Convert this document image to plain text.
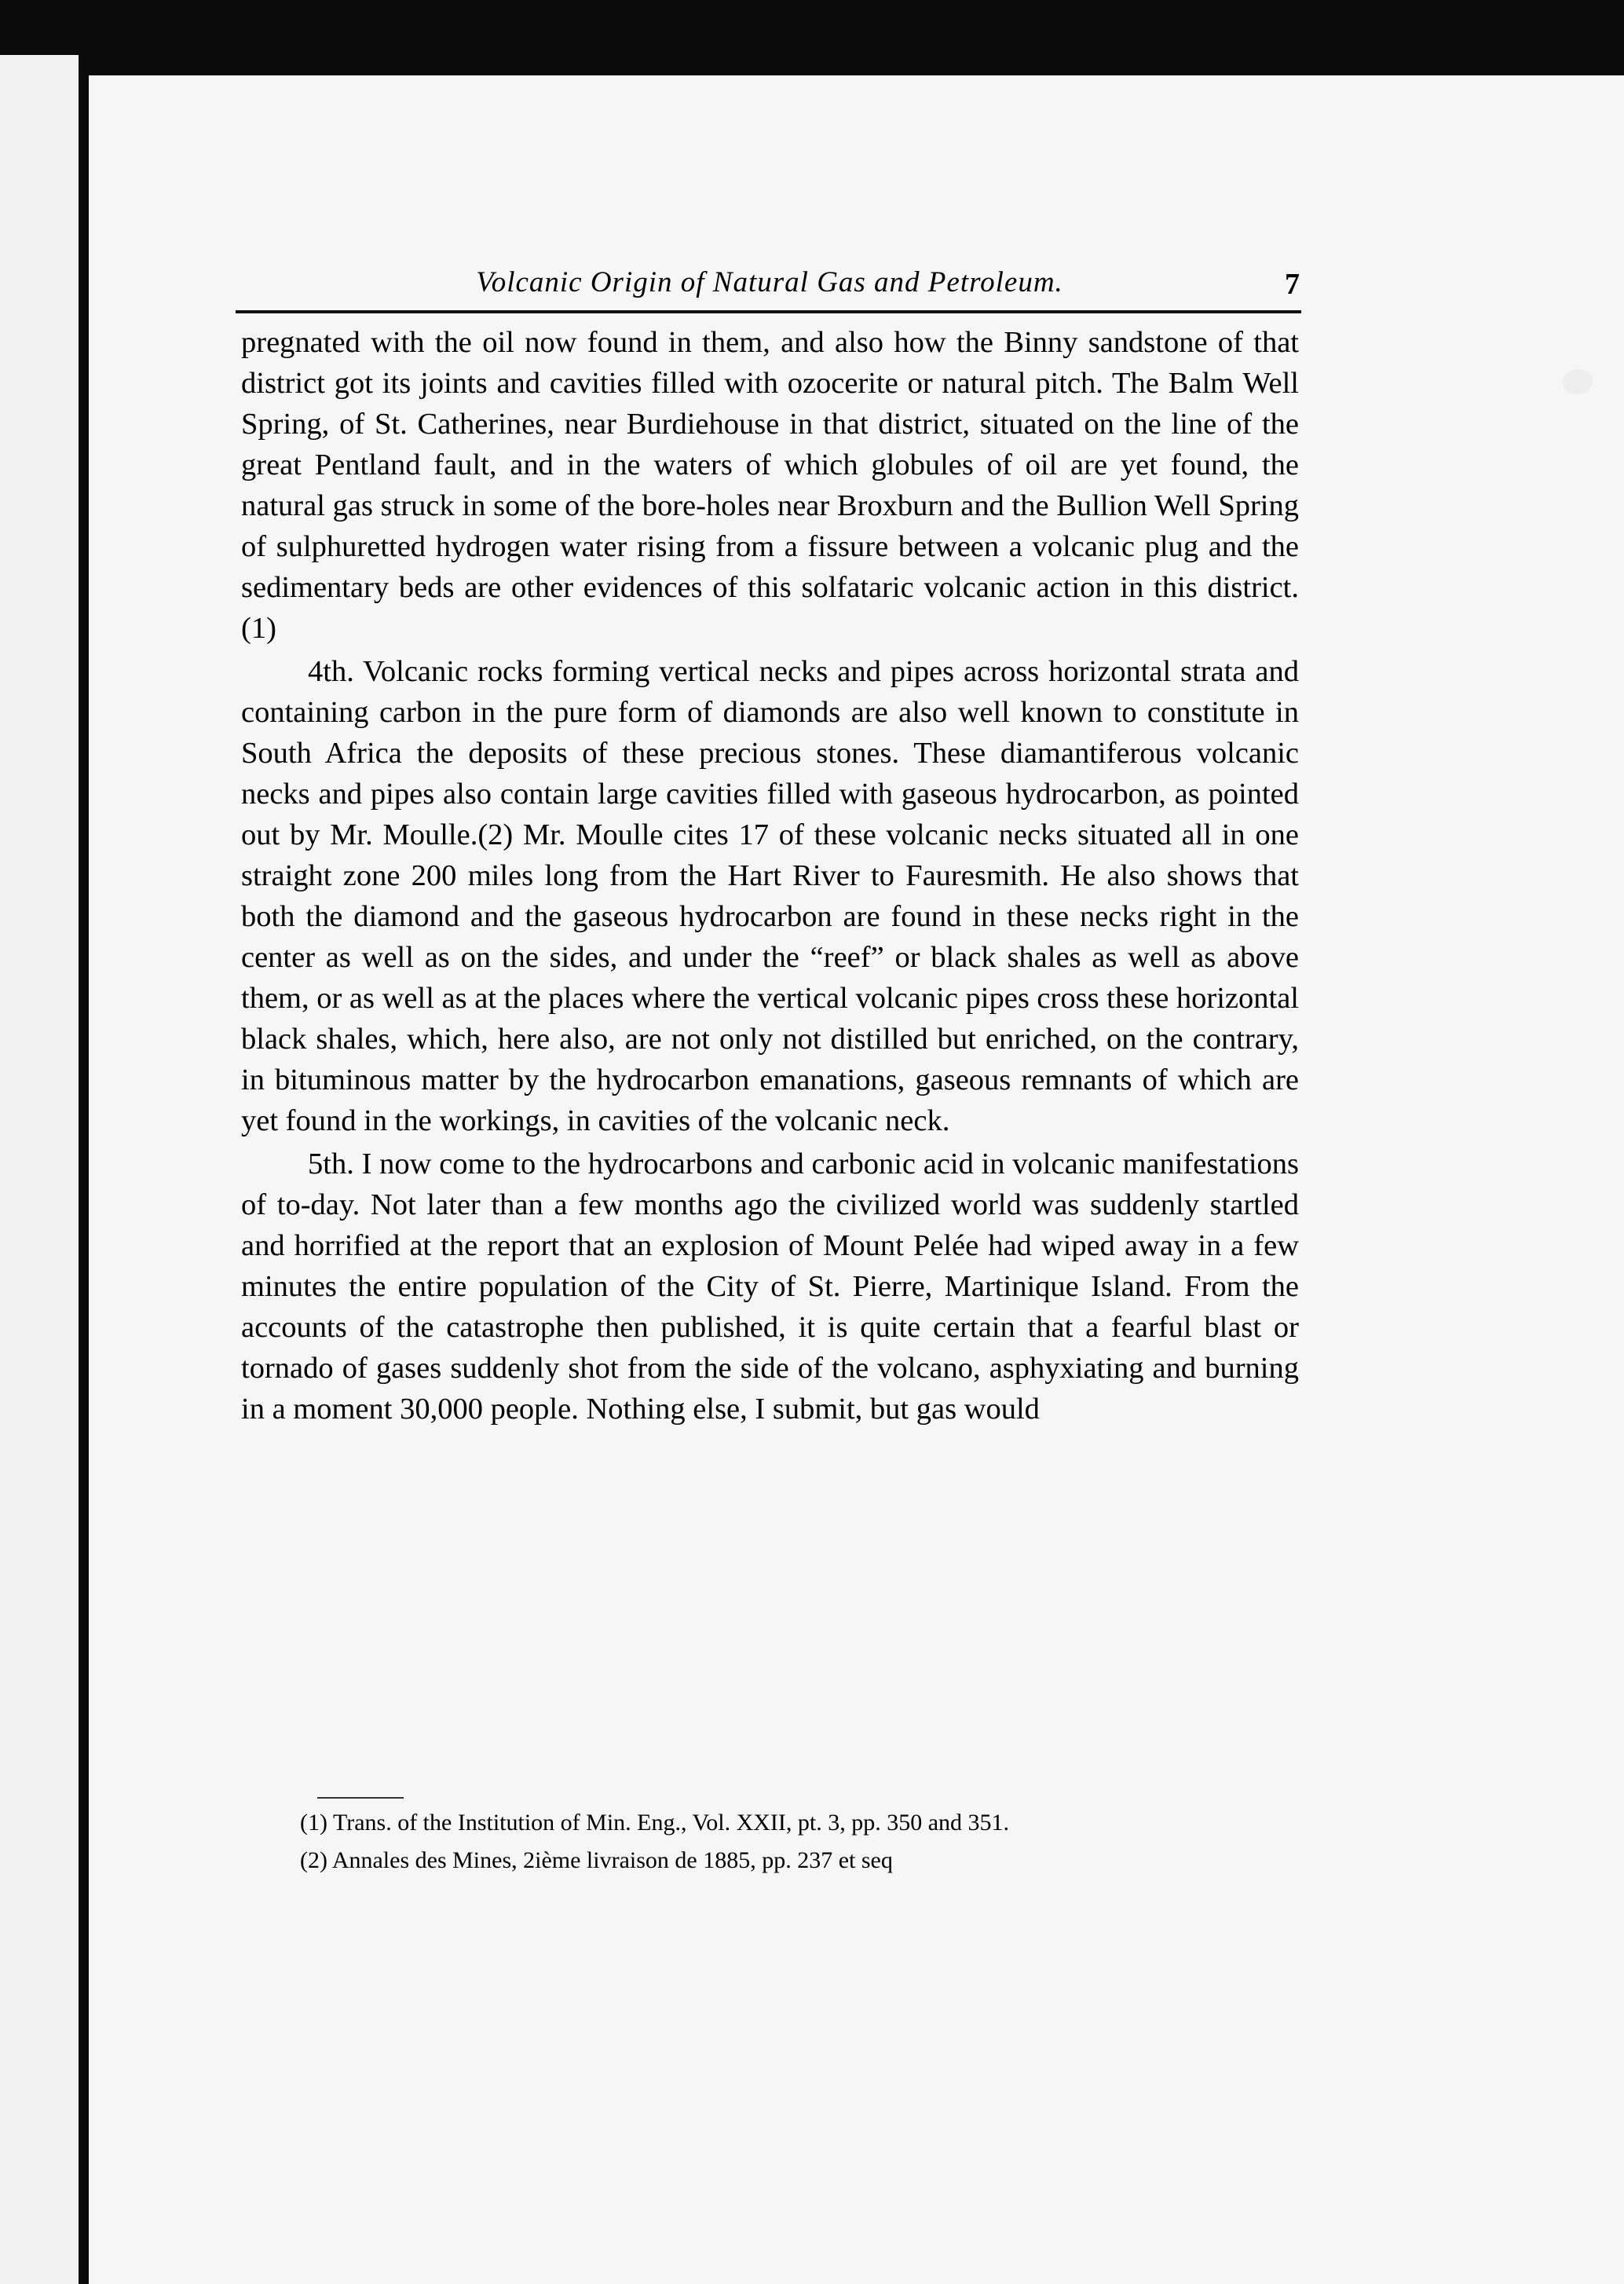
Volcanic Origin of Natural Gas and Petroleum.	7

pregnated with the oil now found in them, and also how the Binny sandstone of that district got its joints and cavities filled with ozocerite or natural pitch. The Balm Well Spring, of St. Catherines, near Burdiehouse in that district, situated on the line of the great Pentland fault, and in the waters of which globules of oil are yet found, the natural gas struck in some of the bore-holes near Broxburn and the Bullion Well Spring of sulphuretted hydrogen water rising from a fissure between a volcanic plug and the sedimentary beds are other evidences of this solfataric volcanic action in this district. (1)

4th. Volcanic rocks forming vertical necks and pipes across horizontal strata and containing carbon in the pure form of diamonds are also well known to constitute in South Africa the deposits of these precious stones. These diamantiferous volcanic necks and pipes also contain large cavities filled with gaseous hydrocarbon, as pointed out by Mr. Moulle.(2) Mr. Moulle cites 17 of these volcanic necks situated all in one straight zone 200 miles long from the Hart River to Fauresmith. He also shows that both the diamond and the gaseous hydrocarbon are found in these necks right in the center as well as on the sides, and under the “reef” or black shales as well as above them, or as well as at the places where the vertical volcanic pipes cross these horizontal black shales, which, here also, are not only not distilled but enriched, on the contrary, in bituminous matter by the hydrocarbon emanations, gaseous remnants of which are yet found in the workings, in cavities of the volcanic neck.

5th. I now come to the hydrocarbons and carbonic acid in volcanic manifestations of to-day. Not later than a few months ago the civilized world was suddenly startled and horrified at the report that an explosion of Mount Pelée had wiped away in a few minutes the entire population of the City of St. Pierre, Martinique Island. From the accounts of the catastrophe then published, it is quite certain that a fearful blast or tornado of gases suddenly shot from the side of the volcano, asphyxiating and burning in a moment 30,000 people. Nothing else, I submit, but gas would

(1) Trans. of the Institution of Min. Eng., Vol. XXII, pt. 3, pp. 350 and 351.

(2) Annales des Mines, 2ième livraison de 1885, pp. 237 et seq
